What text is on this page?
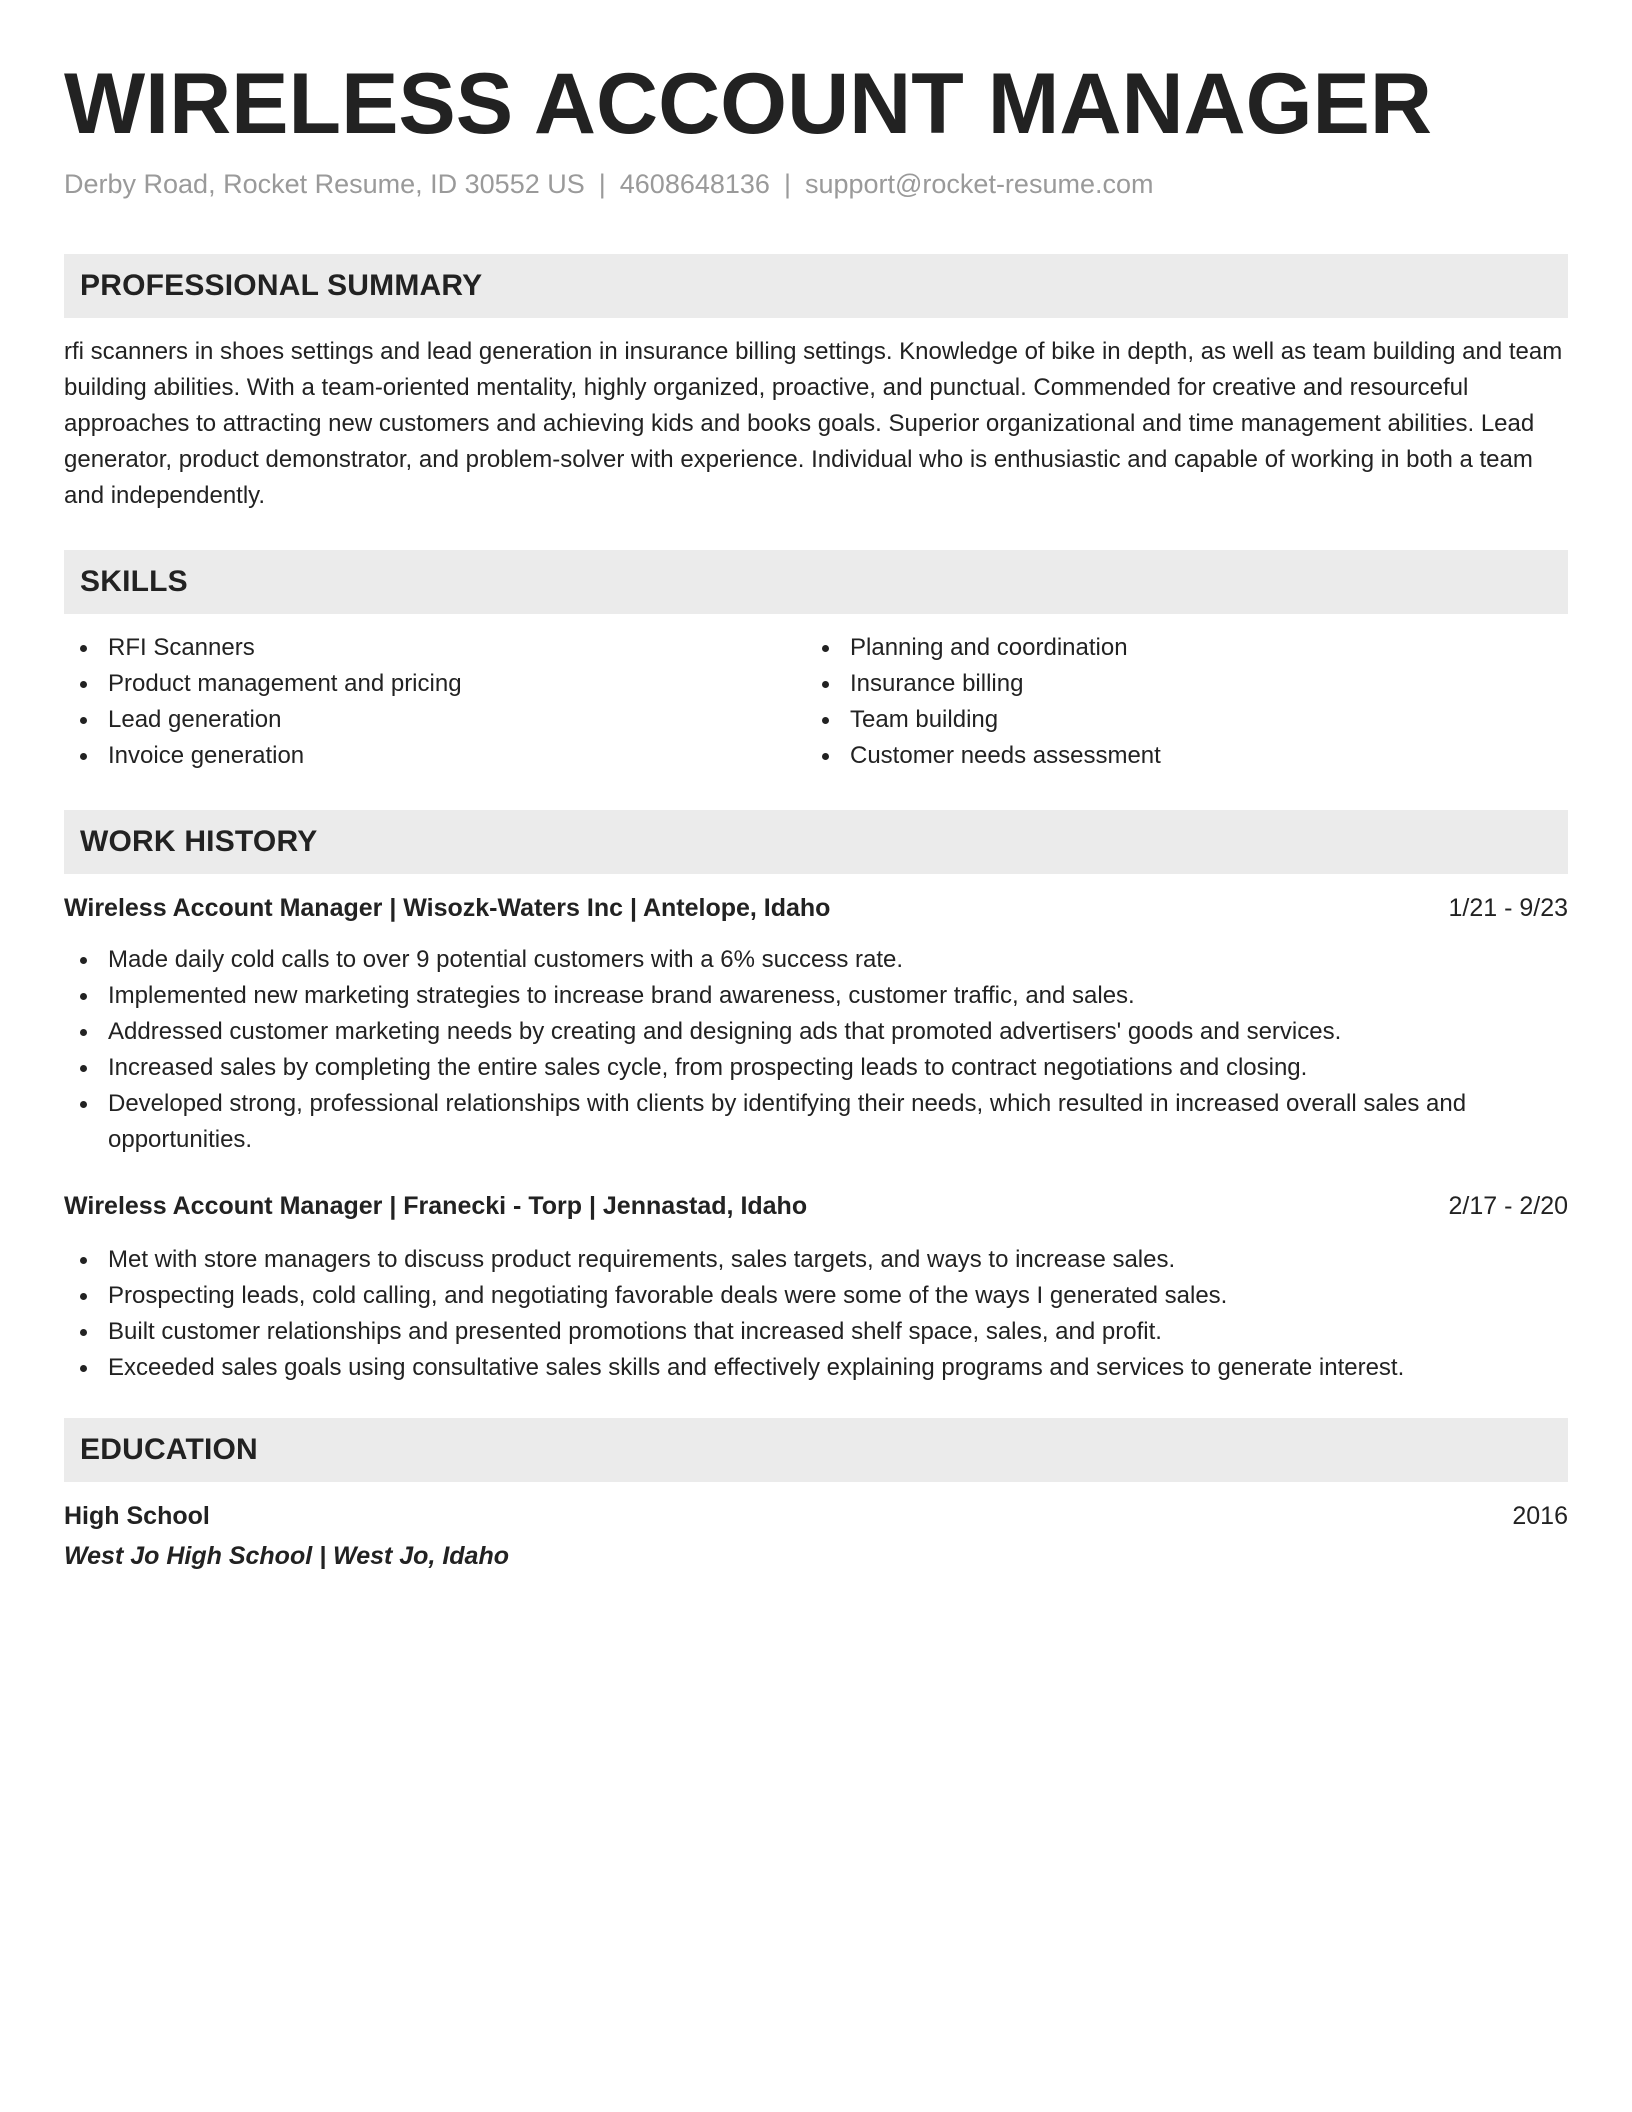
WIRELESS ACCOUNT MANAGER
Derby Road, Rocket Resume, ID 30552 US | 4608648136 | support@rocket-resume.com
PROFESSIONAL SUMMARY
rfi scanners in shoes settings and lead generation in insurance billing settings. Knowledge of bike in depth, as well as team building and team building abilities. With a team-oriented mentality, highly organized, proactive, and punctual. Commended for creative and resourceful approaches to attracting new customers and achieving kids and books goals. Superior organizational and time management abilities. Lead generator, product demonstrator, and problem-solver with experience. Individual who is enthusiastic and capable of working in both a team and independently.
SKILLS
RFI Scanners
Product management and pricing
Lead generation
Invoice generation
Planning and coordination
Insurance billing
Team building
Customer needs assessment
WORK HISTORY
Wireless Account Manager | Wisozk-Waters Inc | Antelope, Idaho	1/21 - 9/23
Made daily cold calls to over 9 potential customers with a 6% success rate.
Implemented new marketing strategies to increase brand awareness, customer traffic, and sales.
Addressed customer marketing needs by creating and designing ads that promoted advertisers' goods and services.
Increased sales by completing the entire sales cycle, from prospecting leads to contract negotiations and closing.
Developed strong, professional relationships with clients by identifying their needs, which resulted in increased overall sales and opportunities.
Wireless Account Manager | Franecki - Torp | Jennastad, Idaho	2/17 - 2/20
Met with store managers to discuss product requirements, sales targets, and ways to increase sales.
Prospecting leads, cold calling, and negotiating favorable deals were some of the ways I generated sales.
Built customer relationships and presented promotions that increased shelf space, sales, and profit.
Exceeded sales goals using consultative sales skills and effectively explaining programs and services to generate interest.
EDUCATION
High School	2016
West Jo High School | West Jo, Idaho
